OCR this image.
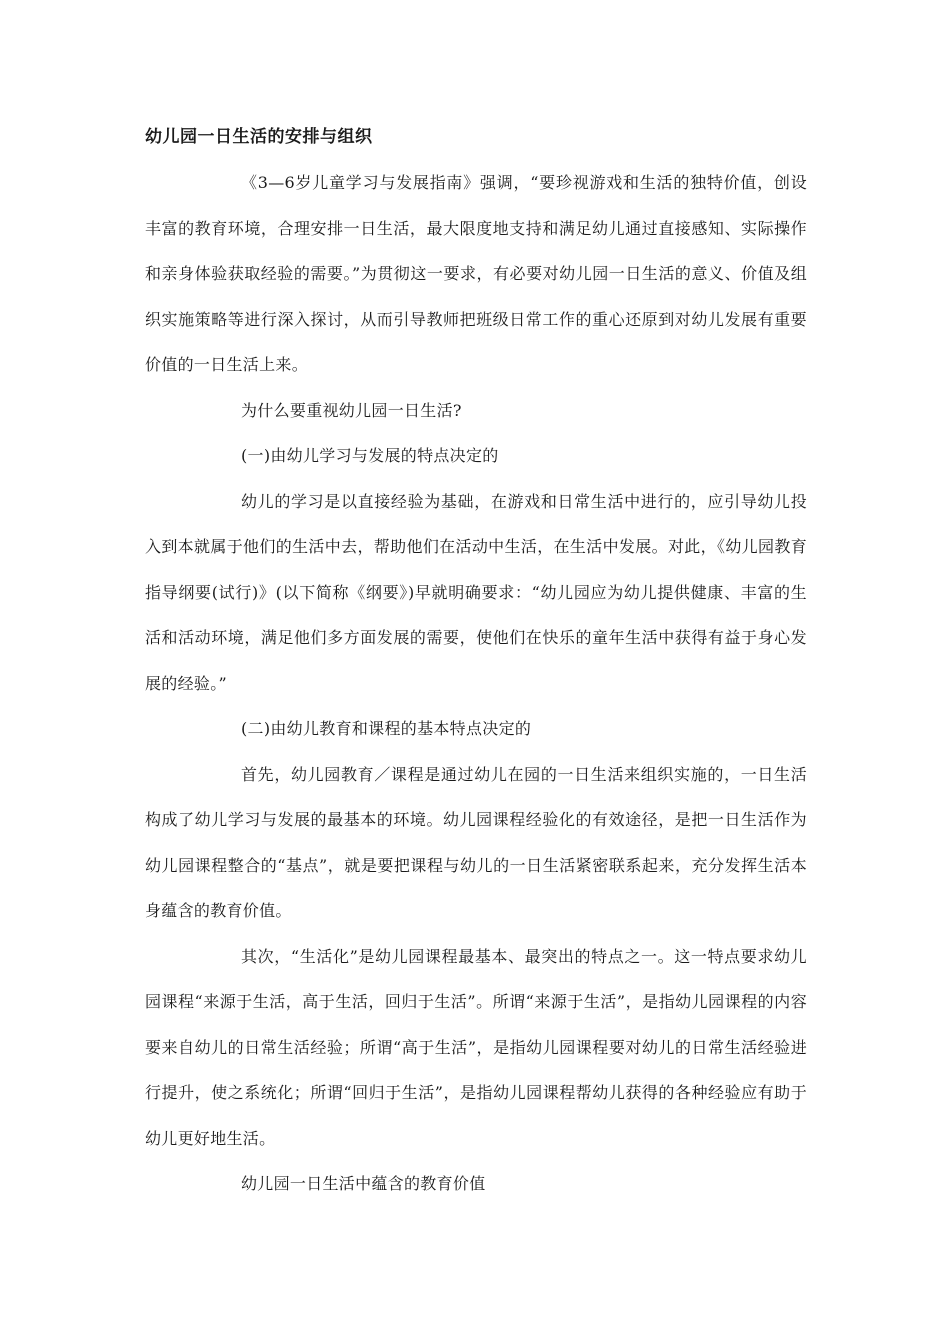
幼儿园一日生活的安排与组织

《3—6岁儿童学习与发展指南》强调，“要珍视游戏和生活的独特价值，创设丰富的教育环境，合理安排一日生活，最大限度地支持和满足幼儿通过直接感知、实际操作和亲身体验获取经验的需要。”为贯彻这一要求，有必要对幼儿园一日生活的意义、价值及组织实施策略等进行深入探讨，从而引导教师把班级日常工作的重心还原到对幼儿发展有重要价值的一日生活上来。

为什么要重视幼儿园一日生活?

(一)由幼儿学习与发展的特点决定的

幼儿的学习是以直接经验为基础，在游戏和日常生活中进行的，应引导幼儿投入到本就属于他们的生活中去，帮助他们在活动中生活，在生活中发展。对此，《幼儿园教育指导纲要(试行)》(以下简称《纲要》)早就明确要求：“幼儿园应为幼儿提供健康、丰富的生活和活动环境，满足他们多方面发展的需要，使他们在快乐的童年生活中获得有益于身心发展的经验。”

(二)由幼儿教育和课程的基本特点决定的

首先，幼儿园教育／课程是通过幼儿在园的一日生活来组织实施的，一日生活构成了幼儿学习与发展的最基本的环境。幼儿园课程经验化的有效途径，是把一日生活作为幼儿园课程整合的“基点”，就是要把课程与幼儿的一日生活紧密联系起来，充分发挥生活本身蕴含的教育价值。

其次，“生活化”是幼儿园课程最基本、最突出的特点之一。这一特点要求幼儿园课程“来源于生活，高于生活，回归于生活”。所谓“来源于生活”，是指幼儿园课程的内容要来自幼儿的日常生活经验；所谓“高于生活”，是指幼儿园课程要对幼儿的日常生活经验进行提升，使之系统化；所谓“回归于生活”，是指幼儿园课程帮幼儿获得的各种经验应有助于幼儿更好地生活。

幼儿园一日生活中蕴含的教育价值
